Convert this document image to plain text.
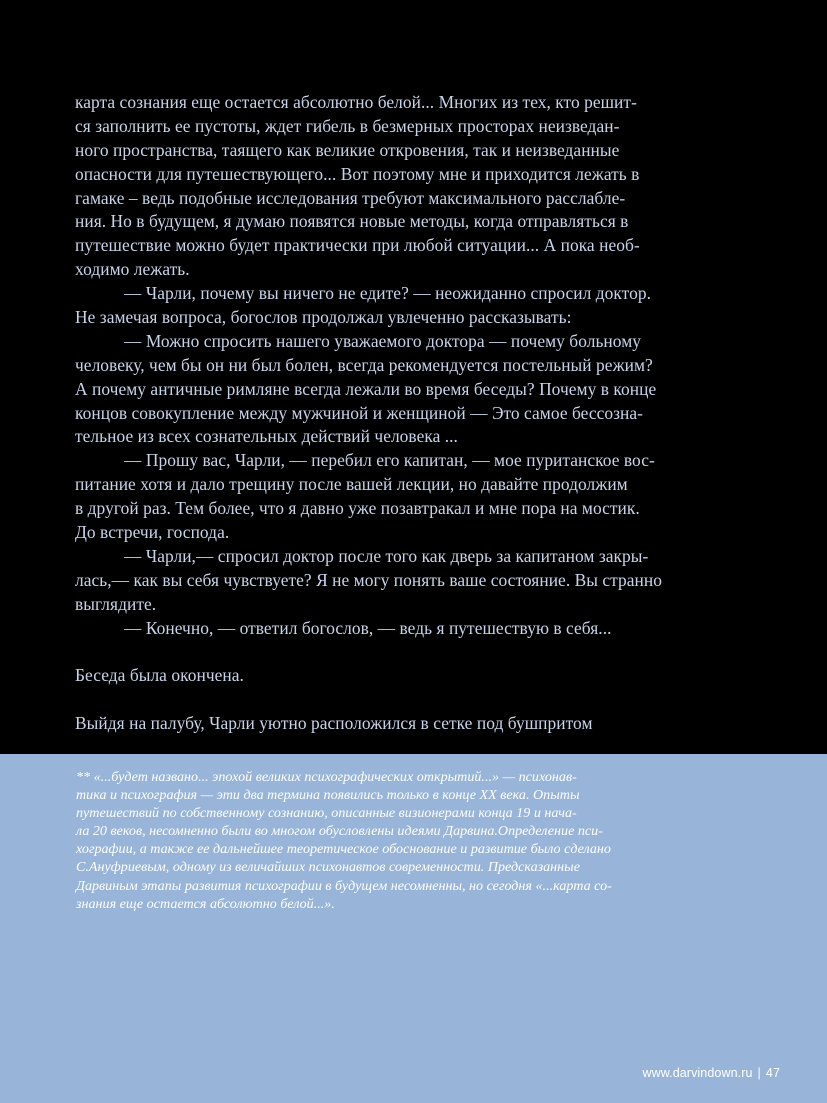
карта сознания еще остается абсолютно белой... Многих из тех, кто решит-
ся заполнить ее пустоты, ждет гибель в безмерных просторах неизведан-
ного пространства, таящего как великие откровения, так и неизведанные
опасности для путешествующего... Вот поэтому мне и приходится лежать в
гамаке – ведь подобные исследования требуют максимального расслабле-
ния. Но в будущем, я думаю появятся новые методы, когда отправляться в
путешествие можно будет практически при любой ситуации... А пока необ-
ходимо лежать.
— Чарли, почему вы ничего не едите? — неожиданно спросил доктор.
Не замечая вопроса, богослов продолжал увлеченно рассказывать:
— Можно спросить нашего уважаемого доктора — почему больному
человеку, чем бы он ни был болен, всегда рекомендуется постельный режим?
А почему античные римляне всегда лежали во время беседы? Почему в конце
концов совокупление между мужчиной и женщиной — Это самое бессозна-
тельное из всех сознательных действий человека ...
— Прошу вас, Чарли, — перебил его капитан, — мое пуританское вос-
питание хотя и дало трещину после вашей лекции, но давайте продолжим
в другой раз. Тем более, что я давно уже позавтракал и мне пора на мостик.
До встречи, господа.
— Чарли,— спросил доктор после того как дверь за капитаном закры-
лась,— как вы себя чувствуете? Я не могу понять ваше состояние. Вы странно
выглядите.
— Конечно, — ответил богослов, — ведь я путешествую в себя...
Беседа была окончена.
Выйдя на палубу, Чарли уютно расположился в сетке под бушпритом
** «...будет названо... эпохой великих психографических открытий...» — психонав-
тика и психография — эти два термина появились только в конце XX века. Опыты
путешествий по собственному сознанию, описанные визионерами конца 19 и нача-
ла 20 веков, несомненно были во многом обусловлены идеями Дарвина.Определение пси-
хографии, а также ее дальнейшее теоретическое обоснование и развитие было сделано
С.Ануфриевым, одному из величайших психонавтов современности. Предсказанные
Дарвиным этапы развития психографии в будущем несомненны, но сегодня «...карта со-
знания еще остается абсолютно белой...».
www.darvindown.ru | 47
